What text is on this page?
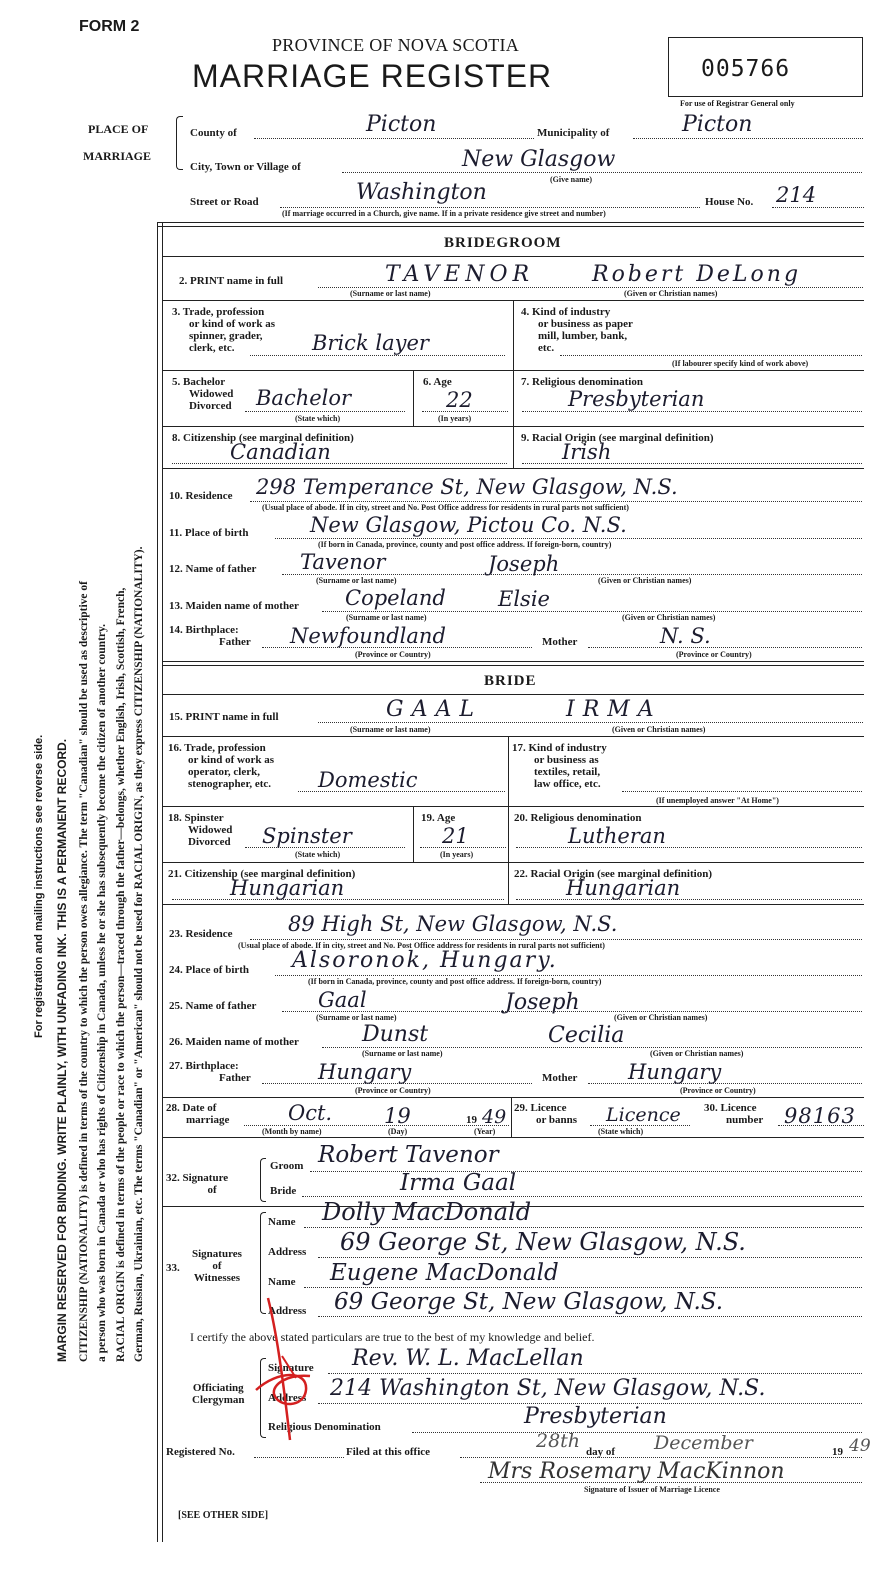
FORM 2
PROVINCE OF NOVA SCOTIA
MARRIAGE REGISTER	005766
For use of Registrar General only
MARGIN RESERVED FOR BINDING. WRITE PLAINLY, WITH UNFADING INK. THIS IS A PERMANENT RECORD.
For registration and mailing instructions see reverse side.	CITIZENSHIP (NATIONALITY) is defined in terms of the country to which the person owes allegiance. The term "Canadian" should be used as descriptive of a person who was born in Canada or who has rights of Citizenship in Canada, unless he or she has subsequently become the citizen of another country. RACIAL ORIGIN is defined in terms of the people or race to which the person—traced through the father—belongs, whether English, Irish, Scottish, French, German, Russian, Ukrainian, etc. The terms "Canadian" or "American" should not be used for RACIAL ORIGIN, as they express CITIZENSHIP (NATIONALITY).
PLACE OF
MARRIAGE
County of	Picton	Municipality of	Picton
City, Town or Village of	New Glasgow
(Give name)
Street or Road	Washington	House No. 214
(If marriage occurred in a Church, give name. If in a private residence give street and number)
BRIDEGROOM
2. PRINT name in full	TAVENOR	Robert DeLong
(Surname or last name)	(Given or Christian names)
3. Trade, profession
or kind of work as
spinner, grader,
clerk, etc.	Brick layer
4. Kind of industry
or business as paper
mill, lumber, bank,
etc.
(If labourer specify kind of work above)
5. Bachelor
Widowed
Divorced Bachelor
(State which)
6. Age
22
(In years)
7. Religious denomination
Presbyterian
8. Citizenship (see marginal definition)
Canadian
9. Racial Origin (see marginal definition)
Irish
10. Residence 298 Temperance St, New Glasgow, N.S.
(Usual place of abode. If in city, street and No. Post Office address for residents in rural parts not sufficient)
11. Place of birth	New Glasgow, Pictou Co. N.S.
(If born in Canada, province, county and post office address. If foreign-born, country)
12. Name of father Tavenor	Joseph
(Surname or last name)	(Given or Christian names)
13. Maiden name of mother Copeland Elsie
(Surname or last name)	(Given or Christian names)
14. Birthplace:
Father Newfoundland
(Province or Country)
Mother	N. S.
(Province or Country)
BRIDE
15. PRINT name in full	GAAL	IRMA
(Surname or last name)	(Given or Christian names)
16. Trade, profession
or kind of work as
operator, clerk,
stenographer, etc. Domestic
17. Kind of industry
or business as
textiles, retail,
law office, etc.
(If unemployed answer "At Home")
18. Spinster
Widowed
Divorced Spinster
(State which)
19. Age
21
(In years)
20. Religious denomination
Lutheran
21. Citizenship (see marginal definition)
Hungarian
22. Racial Origin (see marginal definition)
Hungarian
23. Residence	89 High St, New Glasgow, N.S.
(Usual place of abode. If in city, street and No. Post Office address for residents in rural parts not sufficient)
24. Place of birth Alsoronok, Hungary.
(If born in Canada, province, county and post office address. If foreign-born, country)
25. Name of father	Gaal	Joseph
(Surname or last name)	(Given or Christian names)
26. Maiden name of mother	Dunst	Cecilia
(Surname or last name)	(Given or Christian names)
27. Birthplace:
Father	Hungary
(Province or Country)
Mother Hungary
(Province or Country)
28. Date of
marriage	Oct. 19	19 49
(Month by name)	(Day)	(Year)
29. Licence
or banns Licence
(State which)
30. Licence
number 98163
32. Signature
of
Groom Robert Tavenor
Bride	Irma Gaal
Signatures
of
Witnesses
33.
Name Dolly MacDonald
Address 69 George St, New Glasgow, N.S.
Name Eugene MacDonald
Address 69 George St, New Glasgow, N.S.
I certify the above stated particulars are true to the best of my knowledge and belief.
Officiating
Clergyman
Signature Rev. W. L. MacLellan
Address 214 Washington St, New Glasgow, N.S.
Religious Denomination	Presbyterian
Registered No.	Filed at this office	28th day of December	19 49
Mrs Rosemary MacKinnon
Signature of Issuer of Marriage Licence
[SEE OTHER SIDE]
